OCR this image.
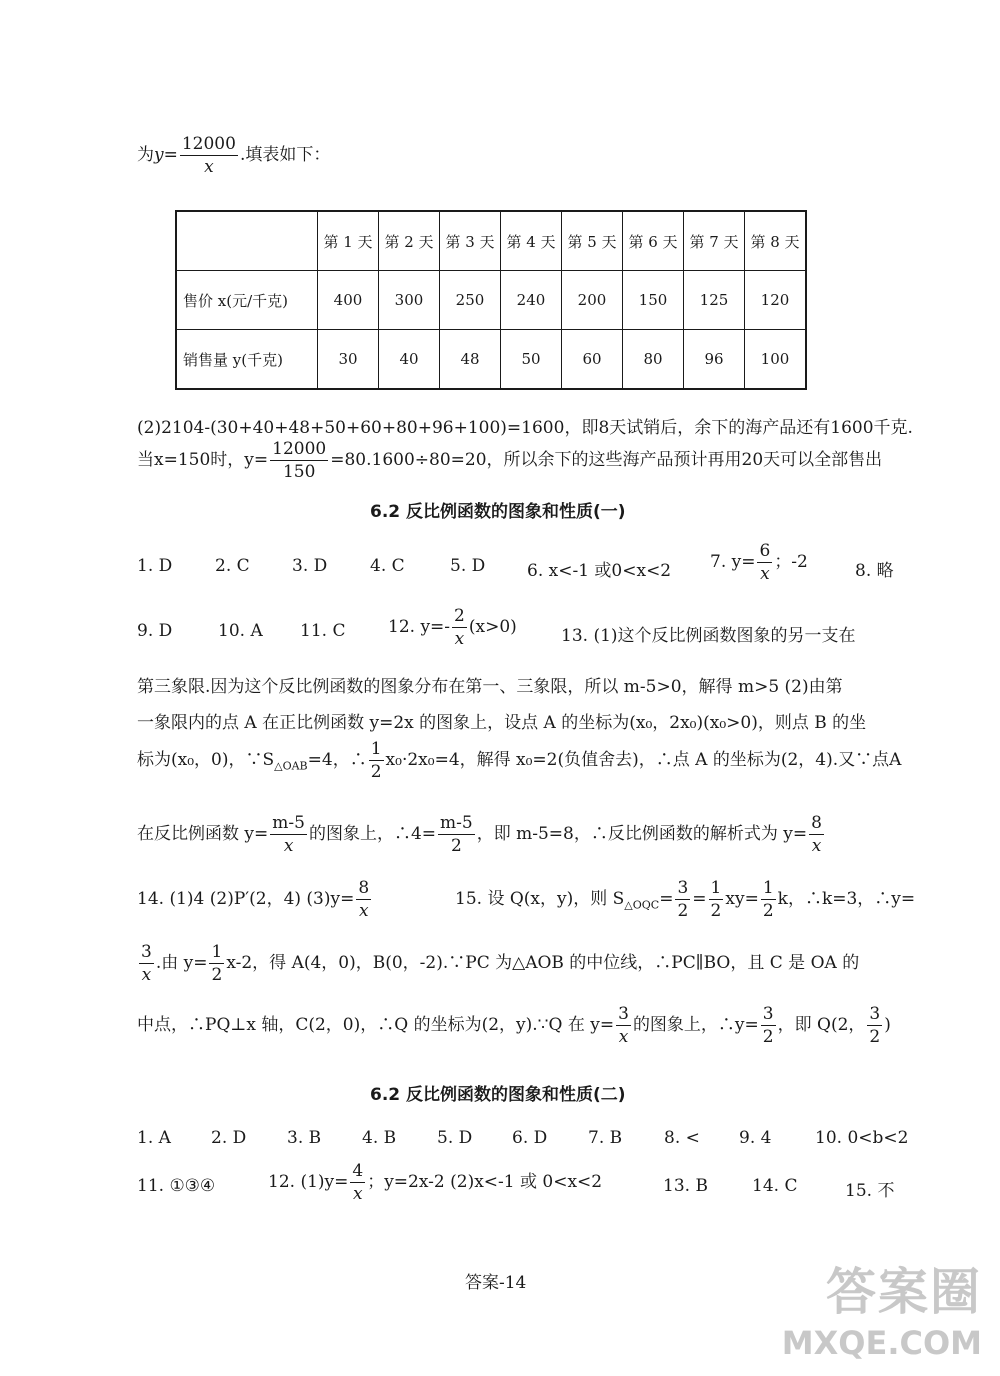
为$y= \frac{12000}{x}$ .填表如下：
	第 1 天	第 2 天	第 3 天	第 4 天	第 5 天	第 6 天	第 7 天	第 8 天
售价 x(元/千克)	400	300	250	240	200	150	125	120
销售量 y(千克)	30	40	48	50	60	80	96	100
(2)2104-(30+40+48+50+60+80+96+100)=1600，即8天试销后，余下的海产品还有1600千克.
当x=150时，$y= \frac{12000}{150} =80.1600\div 80=20$，所以余下的这些海产品预计再用20天可以全部售出
6.2 反比例函数的图象和性质(一)
1. D	2. C 3. D	4. C	5. D 6. x<-1 或0<x<2 7. $y= \frac{6}{x}$ ；-2	8. 略
9. D	10. A 11. C	12. $y=- \frac{2}{x} (x>0)$	13. (1)这个反比例函数图象的另一支在
第三象限.因为这个反比例函数的图象分布在第一、三象限，所以 m-5>0，解得 m>5 (2)由第
一象限内的点 A 在正比例函数 y=2x 的图象上，设点 A 的坐标为(x₀，2x₀)(x₀>0)，则点 B 的坐
标为(x₀，0)，$\because S_{\triangle OAB}=4$，∴ $\frac{1}{2} x_0\cdot 2x_0=4$，解得 x₀=2(负值舍去)，∴点 A 的坐标为(2，4).又∵点A
在反比例函数 $y= \frac{m-5}{x}$ 的图象上，∴4= $\frac{m-5}{2}$ ，即 m-5=8，∴反比例函数的解析式为 $y= \frac{8}{x}$
14. (1)4 (2)P′(2，4) $(3)y= \frac{8}{x}$	15. 设 Q(x，y)，则 $S_{\triangle OQC}= \frac{3}{2} = \frac{1}{2} xy= \frac{1}{2}$ k，∴k=3，∴y=
$\frac{3}{x}$ .由 $y= \frac{1}{2} x-2$，得 A(4，0)，B(0，-2).∵PC 为△AOB 的中位线，∴PC∥BO，且 C 是 OA 的
中点，∴PQ⊥x 轴，C(2，0)，∴Q 的坐标为(2，y).∵Q 在 $y= \frac{3}{x}$ 的图象上，∴y= $\frac{3}{2}$ ，即 Q(2， $\frac{3}{2}$ )
6.2 反比例函数的图象和性质(二)
1. A 2. D 3. B 4. B 5. D 6. D 7. B 8. < 9. 4	10. 0<b<2
11. ①③④	12. $(1)y= \frac{4}{x}$ ；y=2x-2 (2)x<-1 或 0<x<2	13. B	14. C	15. 不
答案-14	答案圈
MXQE.COM
